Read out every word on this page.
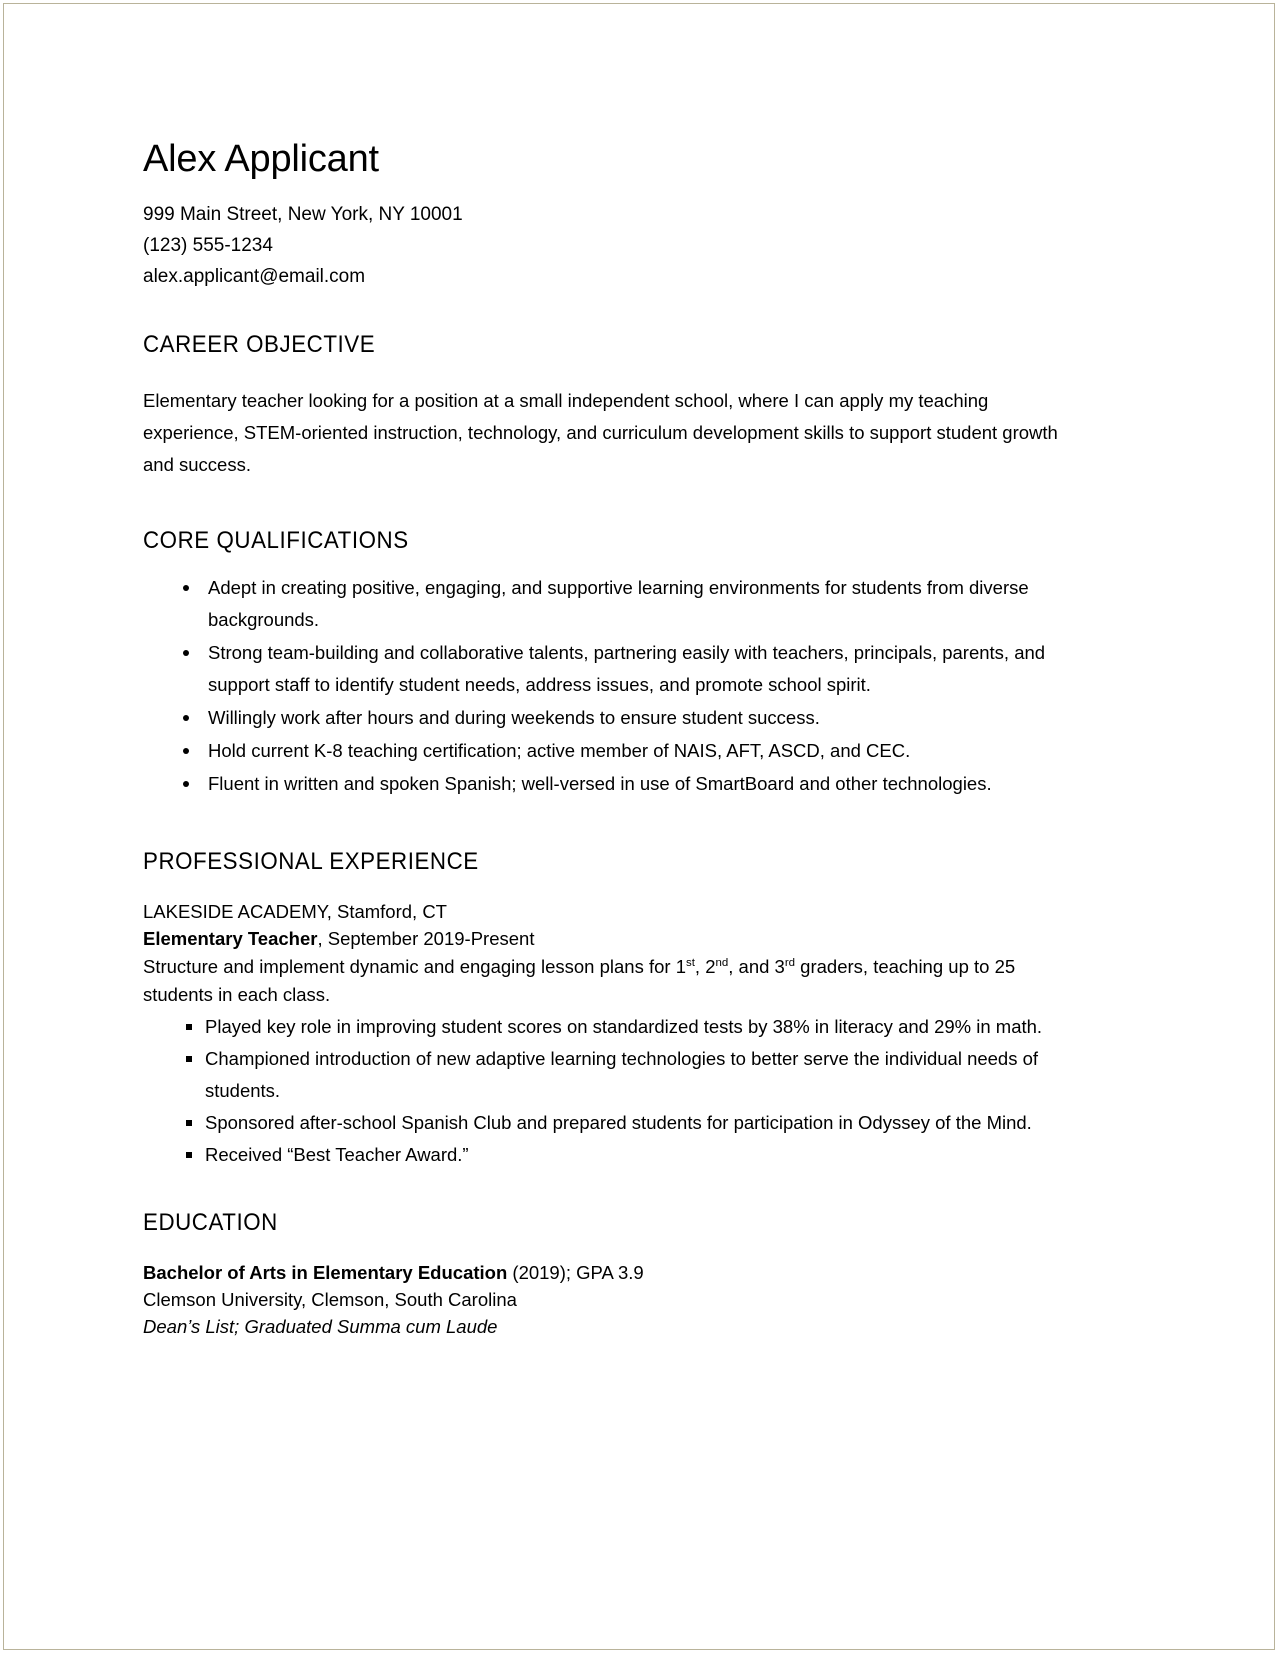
Alex Applicant
999 Main Street, New York, NY 10001
(123) 555-1234
alex.applicant@email.com
CAREER OBJECTIVE
Elementary teacher looking for a position at a small independent school, where I can apply my teaching experience, STEM-oriented instruction, technology, and curriculum development skills to support student growth and success.
CORE QUALIFICATIONS
Adept in creating positive, engaging, and supportive learning environments for students from diverse backgrounds.
Strong team-building and collaborative talents, partnering easily with teachers, principals, parents, and support staff to identify student needs, address issues, and promote school spirit.
Willingly work after hours and during weekends to ensure student success.
Hold current K-8 teaching certification; active member of NAIS, AFT, ASCD, and CEC.
Fluent in written and spoken Spanish; well-versed in use of SmartBoard and other technologies.
PROFESSIONAL EXPERIENCE
LAKESIDE ACADEMY, Stamford, CT
Elementary Teacher, September 2019-Present
Structure and implement dynamic and engaging lesson plans for 1st, 2nd, and 3rd graders, teaching up to 25 students in each class.
Played key role in improving student scores on standardized tests by 38% in literacy and 29% in math.
Championed introduction of new adaptive learning technologies to better serve the individual needs of students.
Sponsored after-school Spanish Club and prepared students for participation in Odyssey of the Mind.
Received “Best Teacher Award.”
EDUCATION
Bachelor of Arts in Elementary Education (2019); GPA 3.9
Clemson University, Clemson, South Carolina
Dean’s List; Graduated Summa cum Laude
